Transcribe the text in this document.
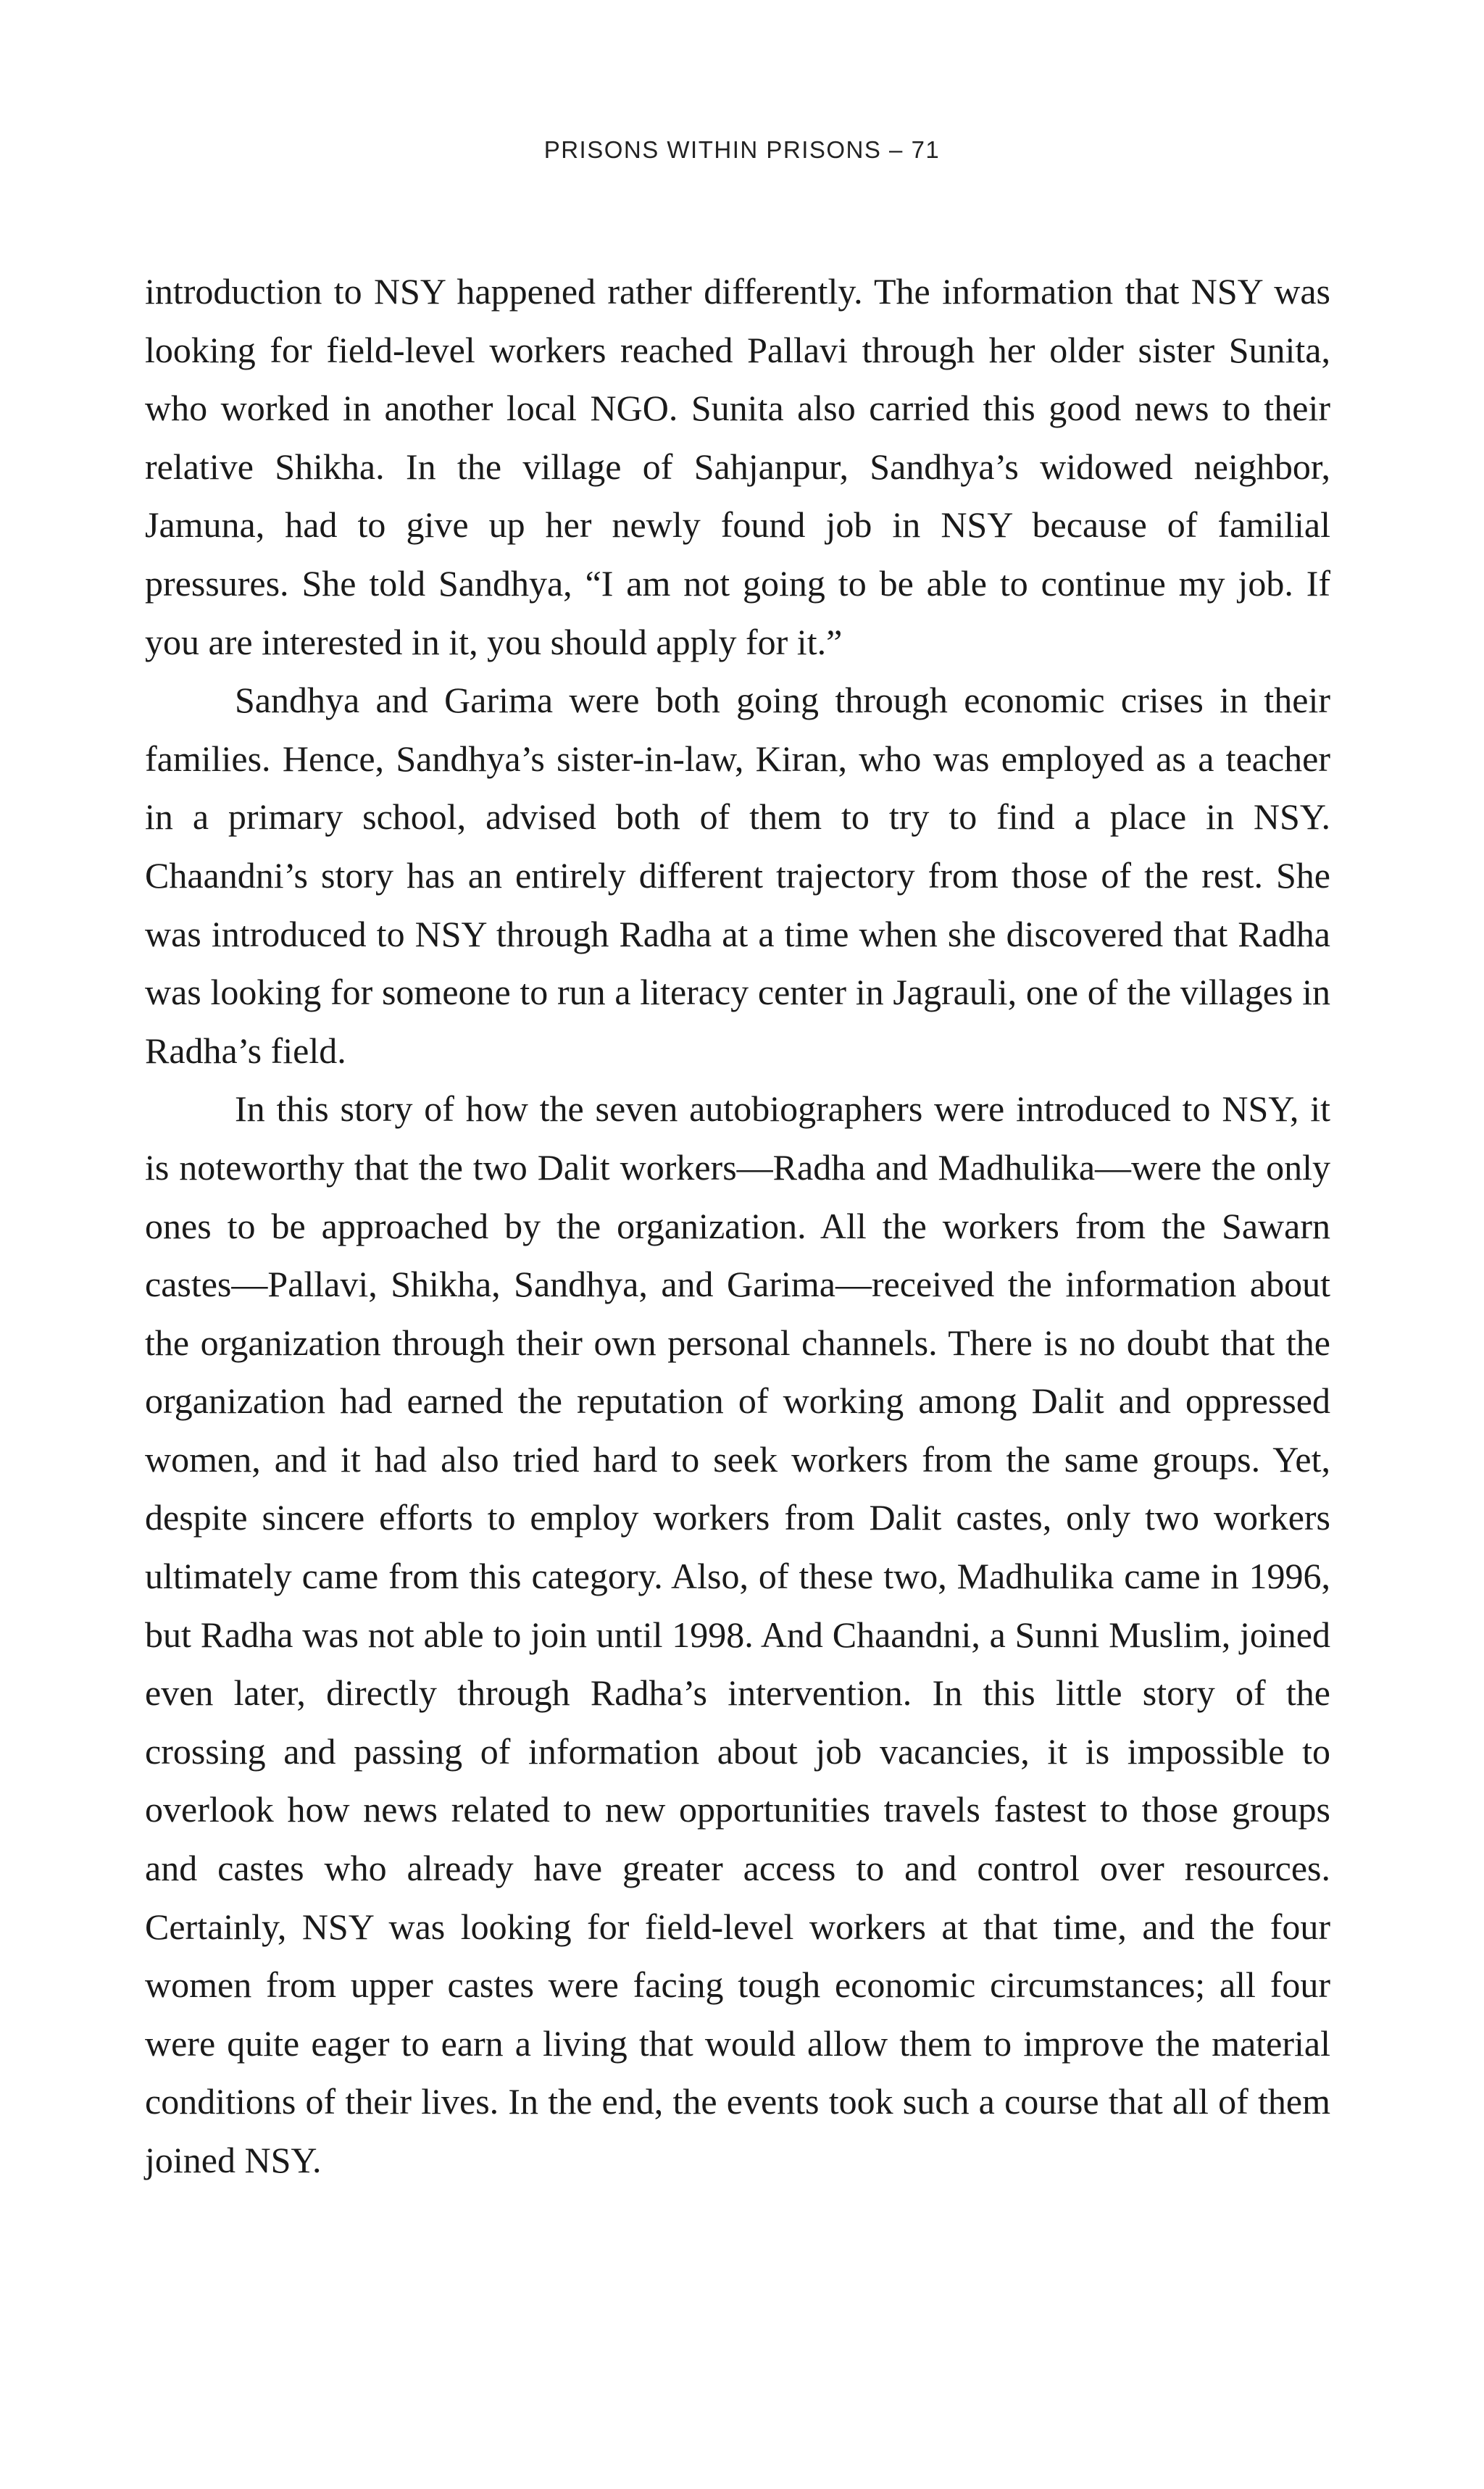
PRISONS WITHIN PRISONS – 71

introduction to NSY happened rather differently. The information that NSY was looking for field-level workers reached Pallavi through her older sister Sunita, who worked in another local NGO. Sunita also carried this good news to their relative Shikha. In the village of Sahjanpur, Sandhya’s widowed neighbor, Jamuna, had to give up her newly found job in NSY because of familial pressures. She told Sandhya, “I am not going to be able to continue my job. If you are interested in it, you should apply for it.”

Sandhya and Garima were both going through economic crises in their families. Hence, Sandhya’s sister-in-law, Kiran, who was employed as a teacher in a primary school, advised both of them to try to find a place in NSY. Chaandni’s story has an entirely different trajectory from those of the rest. She was introduced to NSY through Radha at a time when she discovered that Radha was looking for someone to run a literacy center in Jagrauli, one of the villages in Radha’s field.

In this story of how the seven autobiographers were introduced to NSY, it is noteworthy that the two Dalit workers—Radha and Madhulika—were the only ones to be approached by the organization. All the workers from the Sawarn castes—Pallavi, Shikha, Sandhya, and Garima—received the information about the organization through their own personal channels. There is no doubt that the organization had earned the reputation of working among Dalit and oppressed women, and it had also tried hard to seek workers from the same groups. Yet, despite sincere efforts to employ workers from Dalit castes, only two workers ultimately came from this category. Also, of these two, Madhulika came in 1996, but Radha was not able to join until 1998. And Chaandni, a Sunni Muslim, joined even later, directly through Radha’s intervention. In this little story of the crossing and passing of information about job vacancies, it is impossible to overlook how news related to new opportunities travels fastest to those groups and castes who already have greater access to and control over resources. Certainly, NSY was looking for field-level workers at that time, and the four women from upper castes were facing tough economic circumstances; all four were quite eager to earn a living that would allow them to improve the material conditions of their lives. In the end, the events took such a course that all of them joined NSY.
